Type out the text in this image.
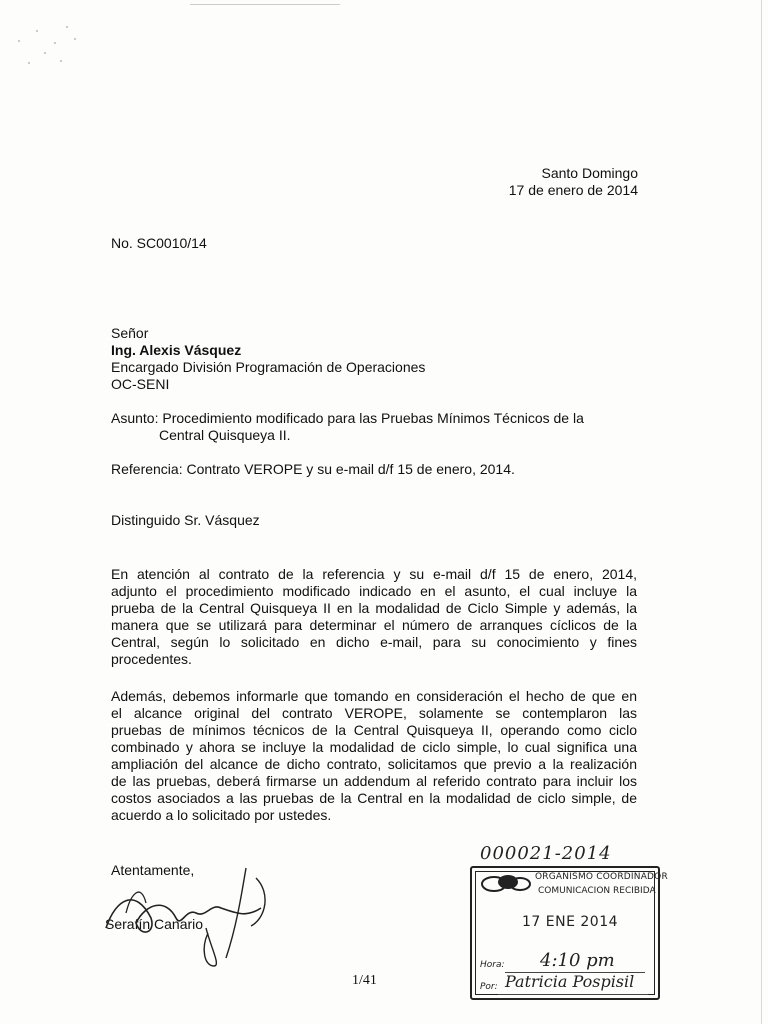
Santo Domingo
17 de enero de 2014
No. SC0010/14
Señor
Ing. Alexis Vásquez
Encargado División Programación de Operaciones
OC-SENI
Asunto: Procedimiento modificado para las Pruebas Mínimos Técnicos de la
Central Quisqueya II.
Referencia: Contrato VEROPE y su e-mail d/f 15 de enero, 2014.
Distinguido Sr. Vásquez
En atención al contrato de la referencia y su e-mail d/f 15 de enero, 2014,
adjunto el procedimiento modificado indicado en el asunto, el cual incluye la
prueba de la Central Quisqueya II en la modalidad de Ciclo Simple y además, la
manera que se utilizará para determinar el número de arranques cíclicos de la
Central, según lo solicitado en dicho e-mail, para su conocimiento y fines
procedentes.
Además, debemos informarle que tomando en consideración el hecho de que en
el alcance original del contrato VEROPE, solamente se contemplaron las
pruebas de mínimos técnicos de la Central Quisqueya II, operando como ciclo
combinado y ahora se incluye la modalidad de ciclo simple, lo cual significa una
ampliación del alcance de dicho contrato, solicitamos que previo a la realización
de las pruebas, deberá firmarse un addendum al referido contrato para incluir los
costos asociados a las pruebas de la Central en la modalidad de ciclo simple, de
acuerdo a lo solicitado por ustedes.
Atentamente,
Serafín Canario
1/41
000021-2014
ORGANISMO COORDINADOR
COMUNICACION RECIBIDA
17 ENE 2014
Hora: 4:10 pm
Por: Patricia Pospisil
